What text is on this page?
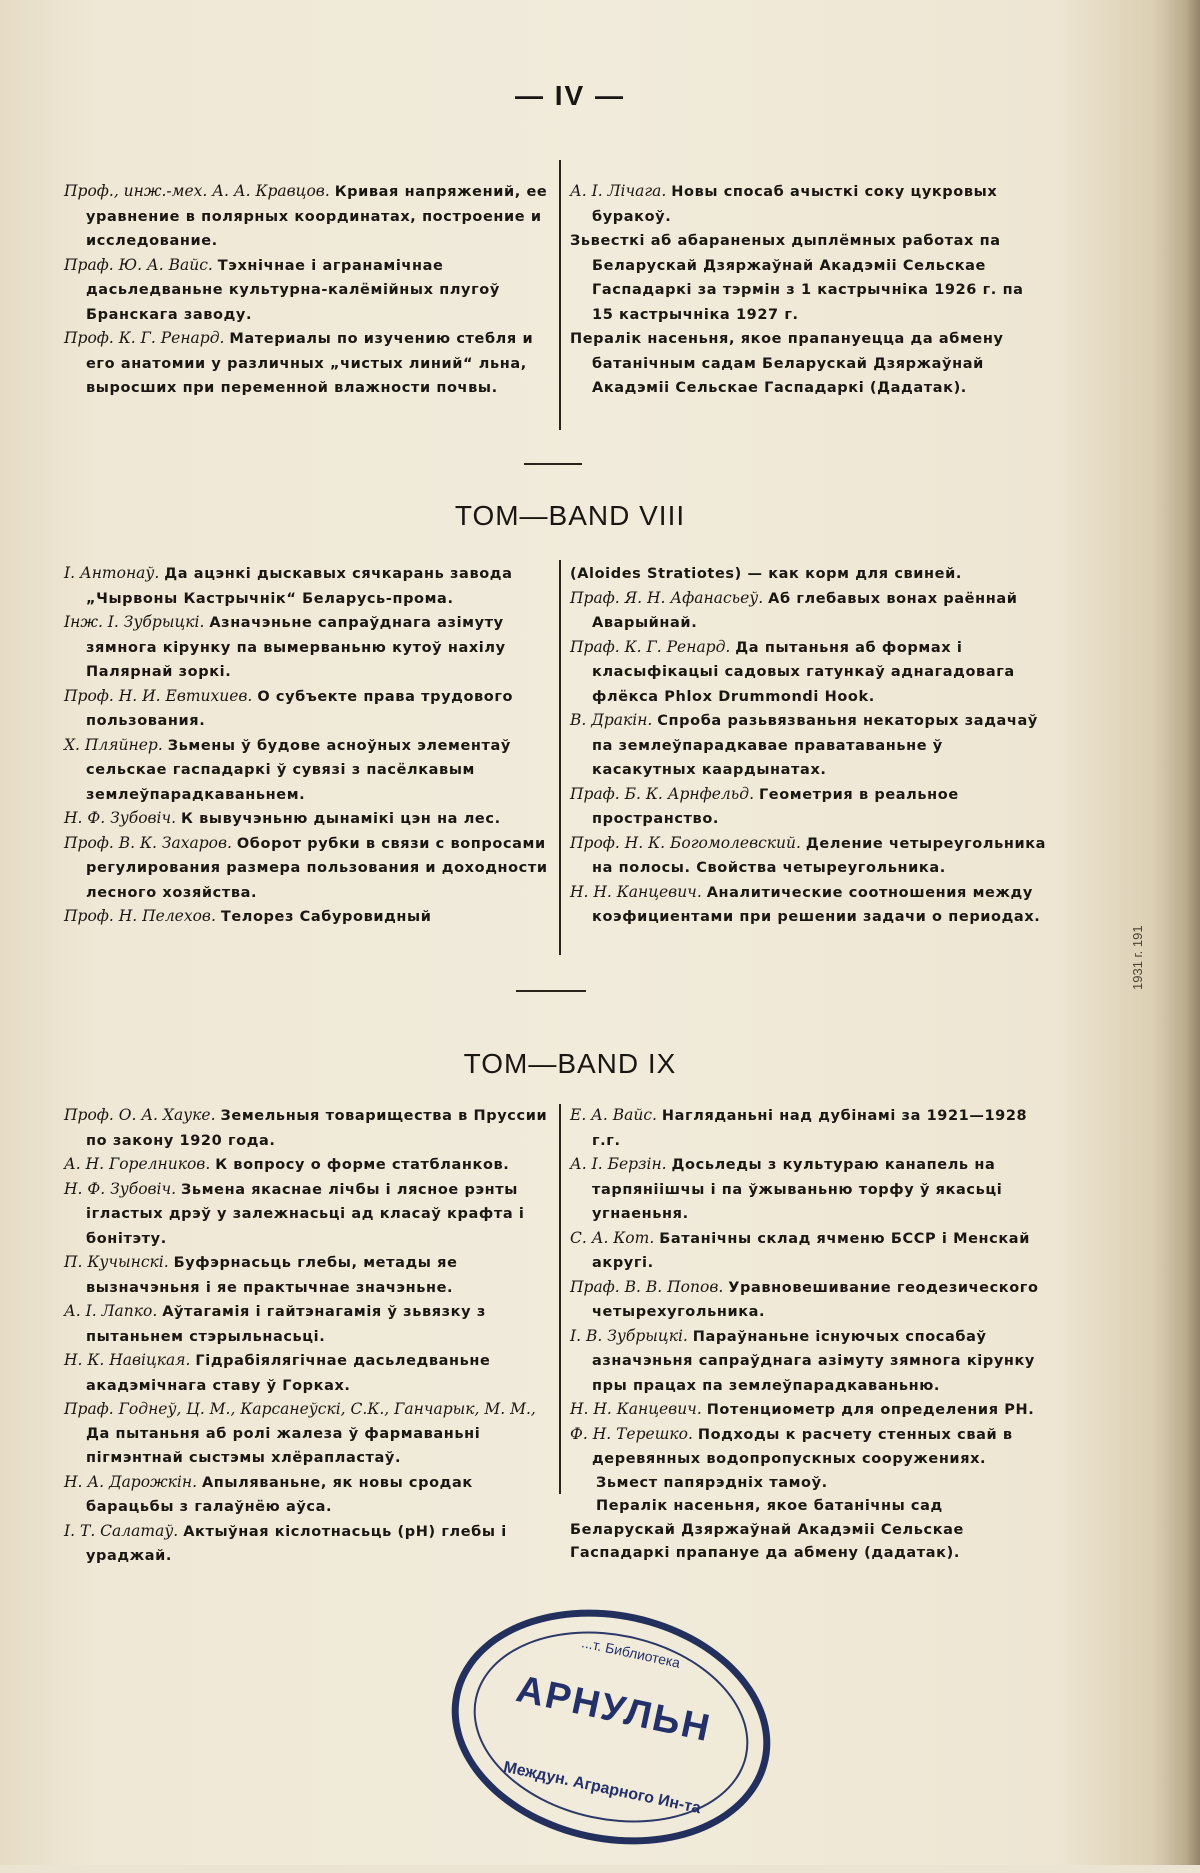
— IV —

Проф., инж.-мех. А. А. Кравцов. Кривая напряжений, ее уравнение в полярных координатах, построение и исследование.

Праф. Ю. А. Вайс. Тэхнічнае і агранамічнае дасьледваньне культурна-калёмійных плугоў Бранскага заводу.

Проф. К. Г. Ренард. Материалы по изучению стебля и его анатомии у различных „чистых линий“ льна, выросших при переменной влажности почвы.

А. І. Лічага. Новы спосаб ачысткі соку цукровых буракоў.

Зьвесткі аб абараненых дыплёмных работах па Беларускай Дзяржаўнай Акадэміі Сельскае Гаспадаркі за тэрмін з 1 кастрычніка 1926 г. па 15 кастрычніка 1927 г.

Пералік насеньня, якое прапануецца да абмену батанічным садам Беларускай Дзяржаўнай Акадэміі Сельскае Гаспадаркі (Дадатак).

TOM—BAND VIII

І. Антонаў. Да ацэнкі дыскавых сячкарань завода „Чырвоны Кастрычнік“ Беларусь-прома.

Інж. І. Зубрыцкі. Азначэньне сапраўднага азімуту зямнога кірунку па вымерваньню кутоў нахілу Палярнай зоркі.

Проф. Н. И. Евтихиев. О субъекте права трудового пользования.

Х. Пляйнер. Зьмены ў будове асноўных элементаў сельскае гаспадаркі ў сувязі з пасёлкавым землеўпарадкаваньнем.

Н. Ф. Зубовіч. К вывучэньню дынамікі цэн на лес.

Проф. В. К. Захаров. Оборот рубки в связи с вопросами регулирования размера пользования и доходности лесного хозяйства.

Проф. Н. Пелехов. Телорез Сабуровидный

(Aloides Stratiotes) — как корм для свиней.

Праф. Я. Н. Афанасьеў. Аб глебавых вонах раённай Аварыйнай.

Праф. К. Г. Ренард. Да пытаньня аб формах і класыфікацыі садовых гатункаў аднагадовага флёкса Phlox Drummondi Hook.

В. Дракін. Спроба разьвязваньня некаторых задачаў па землеўпарадкавае праватаваньне ў касакутных каардынатах.

Праф. Б. К. Арнфельд. Геометрия в реальное пространство.

Проф. Н. К. Богомолевский. Деление четыреугольника на полосы. Свойства четыреугольника.

Н. Н. Канцевич. Аналитические соотношения между коэфициентами при решении задачи о периодах.

TOM—BAND IX

Проф. О. А. Хауке. Земельныя товарищества в Пруссии по закону 1920 года.

А. Н. Горелников. К вопросу о форме статбланков.

Н. Ф. Зубовіч. Зьмена якаснае лічбы і лясное рэнты ігластых дрэў у залежнасьці ад класаў крафта і бонітэту.

П. Кучынскі. Буфэрнасьць глебы, метады яе вызначэньня і яе практычнае значэньне.

А. І. Лапко. Аўтагамія і гайтэнагамія ў зьвязку з пытаньнем стэрыльнасьці.

Н. К. Навіцкая. Гідрабіялягічнае дасьледваньне акадэмічнага ставу ў Горках.

Праф. Годнеў, Ц. М., Карсанеўскі, С.К., Ганчарык, М. М., Да пытаньня аб ролі жалеза ў фармаваньні пігмэнтнай сыстэмы хлёрапластаў.

Н. А. Дарожкін. Апыляваньне, як новы сродак барацьбы з галаўнёю аўса.

І. Т. Салатаў. Актыўная кіслотнасьць (рН) глебы і ураджай.

Е. А. Вайс. Нагляданьні над дубінамі за 1921—1928 г.г.

А. І. Берзін. Досьледы з культураю канапель на тарпяніішчы і па ўжываньню торфу ў якасьці угнаеньня.

С. А. Кот. Батанічны склад ячменю БССР і Менскай акругі.

Праф. В. В. Попов. Уравновешивание геодезического четырехугольника.

І. В. Зубрыцкі. Параўнаньне існуючых спосабаў азначэньня сапраўднага азімуту зямнога кірунку пры працах па землеўпарадкаваньню.

Н. Н. Канцевич. Потенциометр для определения РН.

Ф. Н. Терешко. Подходы к расчету стенных свай в деревянных водопропускных сооружениях.

Зьмест папярэдніх тамоў.

Пералік насеньня, якое батанічны сад Беларускай Дзяржаўнай Акадэміі Сельскае Гаспадаркі прапануе да абмену (дадатак).

...т. Библиотека
АРНУЛЬН
Междун. Аграрного Ин-та
1931 г. 191
